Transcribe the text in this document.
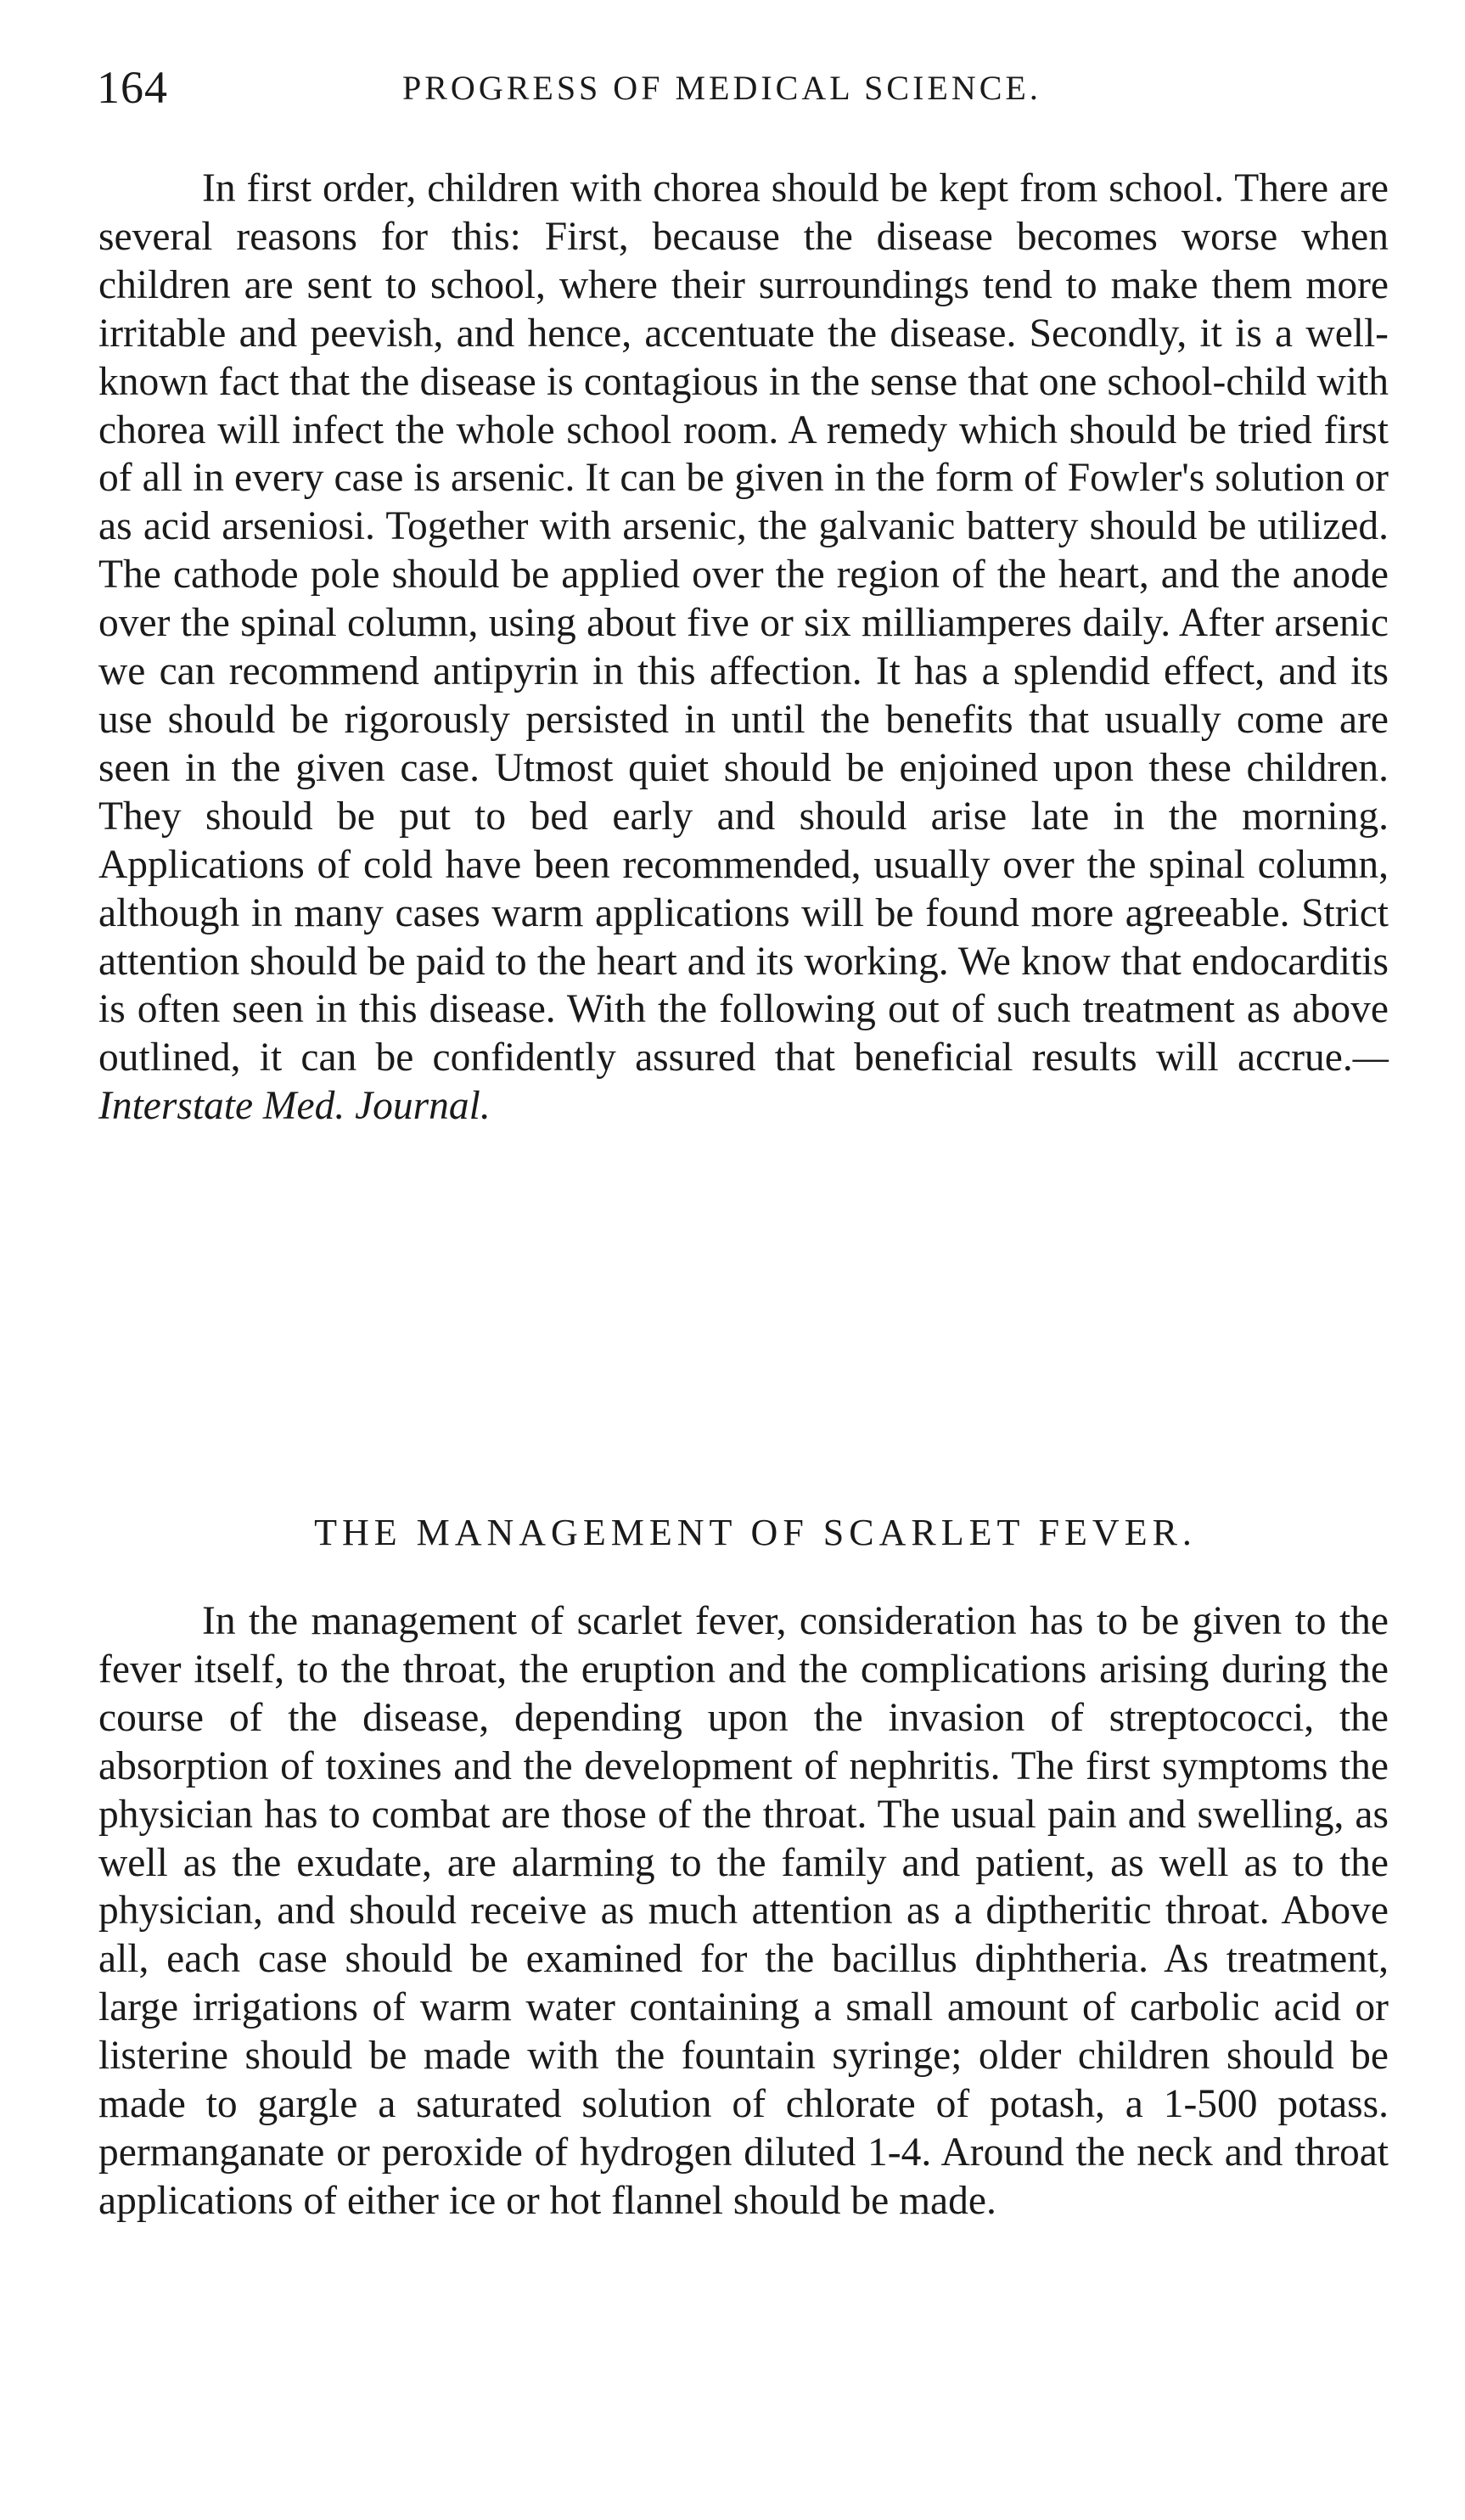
164	PROGRESS OF MEDICAL SCIENCE.

In first order, children with chorea should be kept from school. There are several reasons for this: First, because the disease becomes worse when children are sent to school, where their surroundings tend to make them more irritable and peevish, and hence, accentuate the disease. Secondly, it is a well-known fact that the disease is contagious in the sense that one school-child with chorea will infect the whole school room. A remedy which should be tried first of all in every case is arsenic. It can be given in the form of Fowler's solution or as acid arseniosi. Together with arsenic, the galvanic battery should be utilized. The cathode pole should be applied over the region of the heart, and the anode over the spinal column, using about five or six milliamperes daily. After arsenic we can recommend antipyrin in this affection. It has a splendid effect, and its use should be rigorously persisted in until the benefits that usually come are seen in the given case. Utmost quiet should be enjoined upon these children. They should be put to bed early and should arise late in the morning. Applications of cold have been recommended, usually over the spinal column, although in many cases warm applications will be found more agreeable. Strict attention should be paid to the heart and its working. We know that endocarditis is often seen in this disease. With the following out of such treatment as above outlined, it can be confidently assured that beneficial results will accrue.—Interstate Med. Journal.

THE MANAGEMENT OF SCARLET FEVER.

In the management of scarlet fever, consideration has to be given to the fever itself, to the throat, the eruption and the complications arising during the course of the disease, depending upon the invasion of streptococci, the absorption of toxines and the development of nephritis. The first symptoms the physician has to combat are those of the throat. The usual pain and swelling, as well as the exudate, are alarming to the family and patient, as well as to the physician, and should receive as much attention as a diptheritic throat. Above all, each case should be examined for the bacillus diphtheria. As treatment, large irrigations of warm water containing a small amount of carbolic acid or listerine should be made with the fountain syringe; older children should be made to gargle a saturated solution of chlorate of potash, a 1-500 potass. permanganate or peroxide of hydrogen diluted 1-4. Around the neck and throat applications of either ice or hot flannel should be made.
